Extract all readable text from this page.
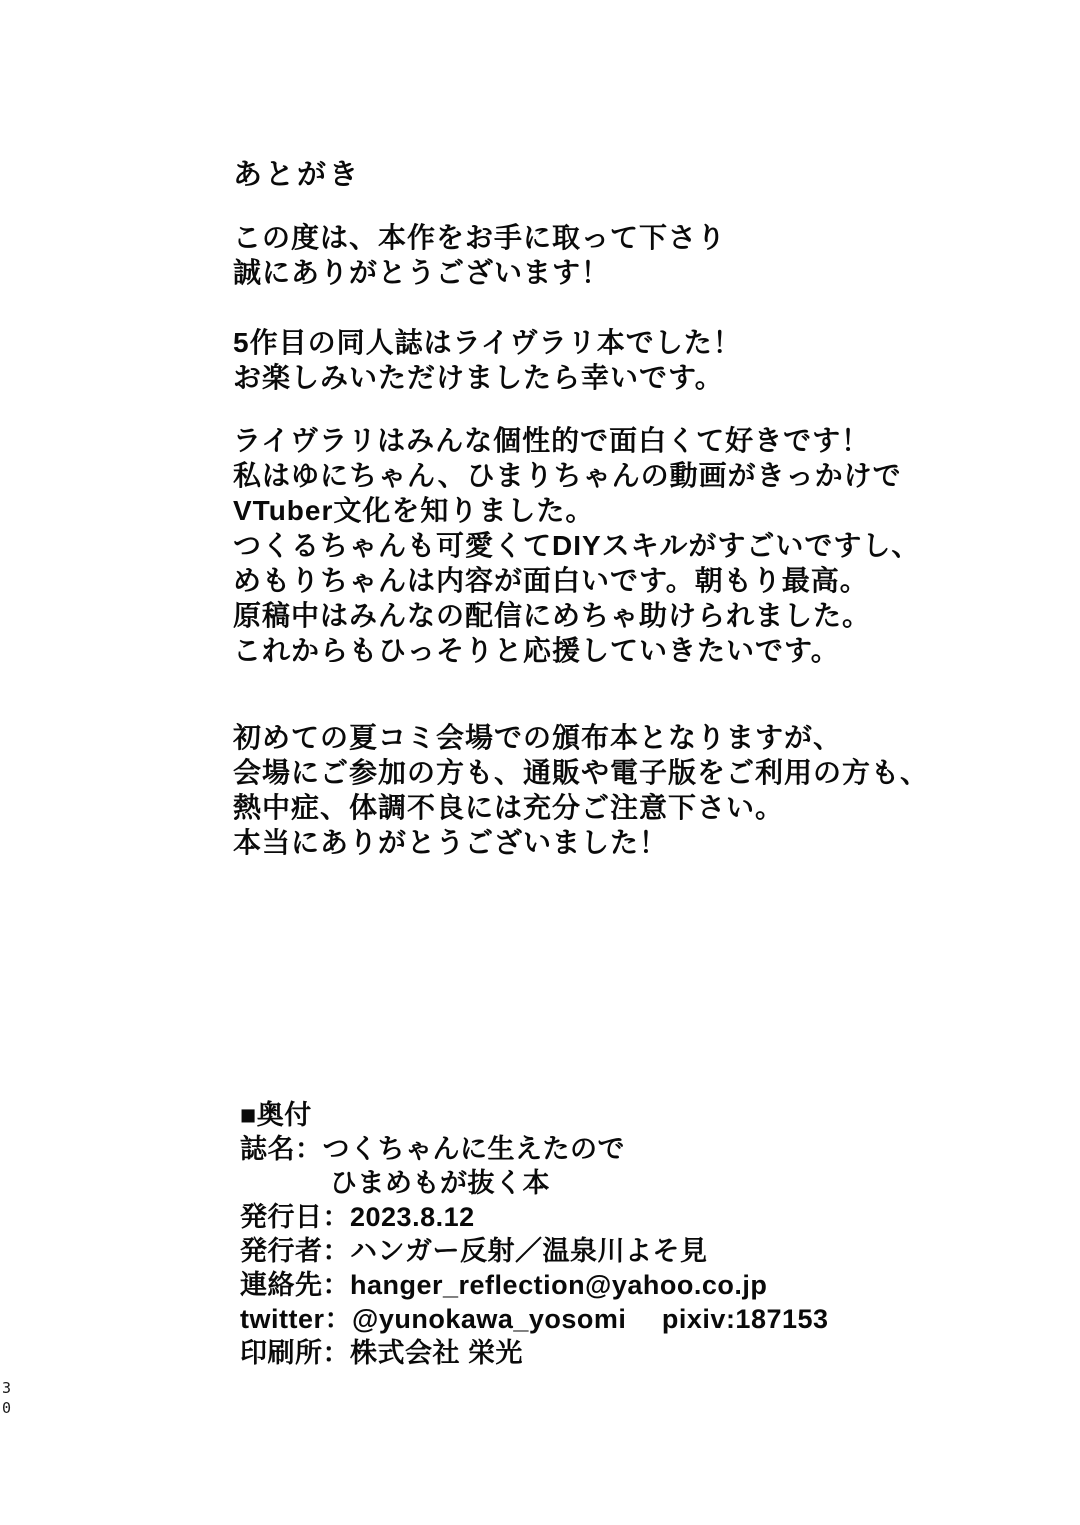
あとがき

この度は、本作をお手に取って下さり
誠にありがとうございます！

5作目の同人誌はライヴラリ本でした！
お楽しみいただけましたら幸いです。

ライヴラリはみんな個性的で面白くて好きです！
私はゆにちゃん、ひまりちゃんの動画がきっかけで
VTuber文化を知りました。
つくるちゃんも可愛くてDIYスキルがすごいですし、
めもりちゃんは内容が面白いです。朝もり最高。
原稿中はみんなの配信にめちゃ助けられました。
これからもひっそりと応援していきたいです。

初めての夏コミ会場での頒布本となりますが、
会場にご参加の方も、通販や電子版をご利用の方も、
熱中症、体調不良には充分ご注意下さい。
本当にありがとうございました！

■奥付
誌名：つくちゃんに生えたので
ひまめもが抜く本
発行日：2023.8.12
発行者：ハンガー反射／温泉川よそ見
連絡先：hanger_reflection@yahoo.co.jp
twitter：@yunokawa_yosomi　 pixiv:187153
印刷所：株式会社 栄光
3
0
